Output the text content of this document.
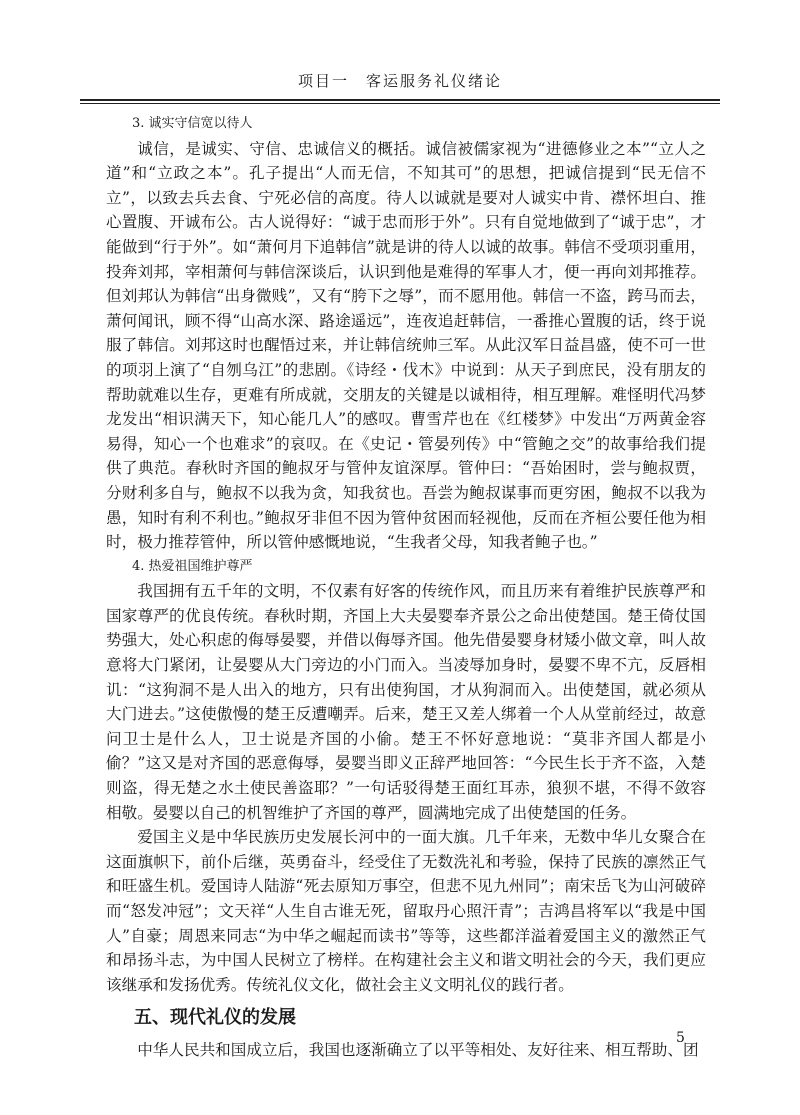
项目一　客运服务礼仪绪论

3. 诚实守信宽以待人

诚信，是诚实、守信、忠诚信义的概括。诚信被儒家视为“进德修业之本”“立人之道”和“立政之本”。孔子提出“人而无信，不知其可”的思想，把诚信提到“民无信不立”，以致去兵去食、宁死必信的高度。待人以诚就是要对人诚实中肯、襟怀坦白、推心置腹、开诚布公。古人说得好：“诚于忠而形于外”。只有自觉地做到了“诚于忠”，才能做到“行于外”。如“萧何月下追韩信”就是讲的待人以诚的故事。韩信不受项羽重用，投奔刘邦，宰相萧何与韩信深谈后，认识到他是难得的军事人才，便一再向刘邦推荐。但刘邦认为韩信“出身微贱”，又有“胯下之辱”，而不愿用他。韩信一不盗，跨马而去，萧何闻讯，顾不得“山高水深、路途遥远”，连夜追赶韩信，一番推心置腹的话，终于说服了韩信。刘邦这时也醒悟过来，并让韩信统帅三军。从此汉军日益昌盛，使不可一世的项羽上演了“自刎乌江”的悲剧。《诗经・伐木》中说到：从天子到庶民，没有朋友的帮助就难以生存，更难有所成就，交朋友的关键是以诚相待，相互理解。难怪明代冯梦龙发出“相识满天下，知心能几人”的感叹。曹雪芹也在《红楼梦》中发出“万两黄金容易得，知心一个也难求”的哀叹。在《史记・管晏列传》中“管鲍之交”的故事给我们提供了典范。春秋时齐国的鲍叔牙与管仲友谊深厚。管仲曰：“吾始困时，尝与鲍叔贾，分财利多自与，鲍叔不以我为贪，知我贫也。吾尝为鲍叔谋事而更穷困，鲍叔不以我为愚，知时有利不利也。”鲍叔牙非但不因为管仲贫困而轻视他，反而在齐桓公要任他为相时，极力推荐管仲，所以管仲感慨地说，“生我者父母，知我者鲍子也。”

4. 热爱祖国维护尊严

我国拥有五千年的文明，不仅素有好客的传统作风，而且历来有着维护民族尊严和国家尊严的优良传统。春秋时期，齐国上大夫晏婴奉齐景公之命出使楚国。楚王倚仗国势强大，处心积虑的侮辱晏婴，并借以侮辱齐国。他先借晏婴身材矮小做文章，叫人故意将大门紧闭，让晏婴从大门旁边的小门而入。当凌辱加身时，晏婴不卑不亢，反唇相讥：“这狗洞不是人出入的地方，只有出使狗国，才从狗洞而入。出使楚国，就必须从大门进去。”这使傲慢的楚王反遭嘲弄。后来，楚王又差人绑着一个人从堂前经过，故意问卫士是什么人，卫士说是齐国的小偷。楚王不怀好意地说：“莫非齐国人都是小偷？”这又是对齐国的恶意侮辱，晏婴当即义正辞严地回答：“今民生长于齐不盗，入楚则盗，得无楚之水土使民善盗耶？”一句话驳得楚王面红耳赤，狼狈不堪，不得不敛容相敬。晏婴以自己的机智维护了齐国的尊严，圆满地完成了出使楚国的任务。

爱国主义是中华民族历史发展长河中的一面大旗。几千年来，无数中华儿女聚合在这面旗帜下，前仆后继，英勇奋斗，经受住了无数洗礼和考验，保持了民族的凛然正气和旺盛生机。爱国诗人陆游“死去原知万事空，但悲不见九州同”；南宋岳飞为山河破碎而“怒发冲冠”；文天祥“人生自古谁无死，留取丹心照汗青”；吉鸿昌将军以“我是中国人”自豪；周恩来同志“为中华之崛起而读书”等等，这些都洋溢着爱国主义的激然正气和昂扬斗志，为中国人民树立了榜样。在构建社会主义和谐文明社会的今天，我们更应该继承和发扬优秀。传统礼仪文化，做社会主义文明礼仪的践行者。

五、现代礼仪的发展

中华人民共和国成立后，我国也逐渐确立了以平等相处、友好往来、相互帮助、团

5
